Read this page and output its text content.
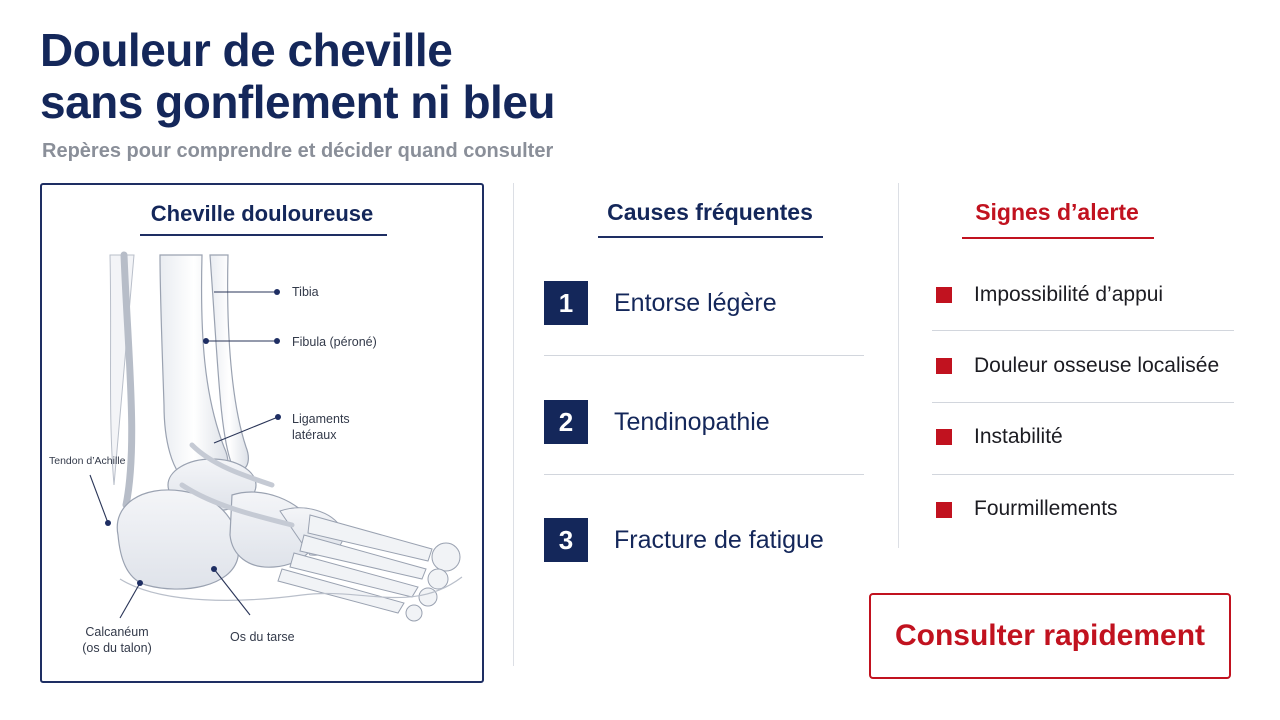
Douleur de cheville
sans gonflement ni bleu
Repères pour comprendre et décider quand consulter
Cheville douloureuse
Tibia
Fibula (péroné)
Ligaments
latéraux
Tendon d’Achille
Calcanéum
(os du talon)
Os du tarse
Causes fréquentes
1	Entorse légère
2	Tendinopathie
3	Fracture de fatigue
Signes d’alerte
Impossibilité d’appui
Douleur osseuse localisée
Instabilité
Fourmillements
Consulter rapidement
